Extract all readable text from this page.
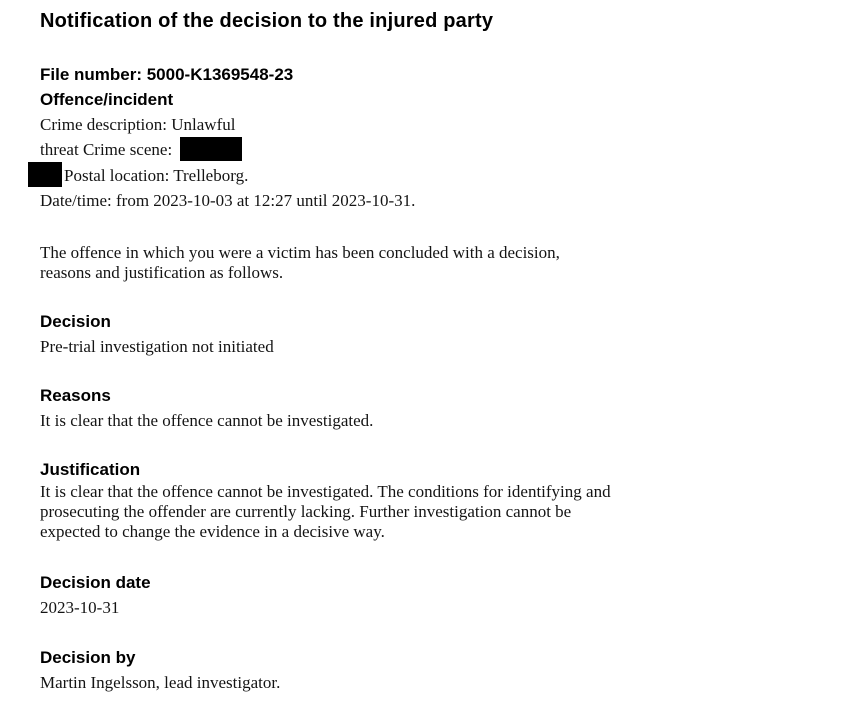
Notification of the decision to the injured party
File number: 5000-K1369548-23
Offence/incident
Crime description: Unlawful
threat Crime scene:
Postal location: Trelleborg.
Date/time: from 2023-10-03 at 12:27 until 2023-10-31.
The offence in which you were a victim has been concluded with a decision,
reasons and justification as follows.
Decision
Pre-trial investigation not initiated
Reasons
It is clear that the offence cannot be investigated.
Justification
It is clear that the offence cannot be investigated. The conditions for identifying and
prosecuting the offender are currently lacking. Further investigation cannot be
expected to change the evidence in a decisive way.
Decision date
2023-10-31
Decision by
Martin Ingelsson, lead investigator.
